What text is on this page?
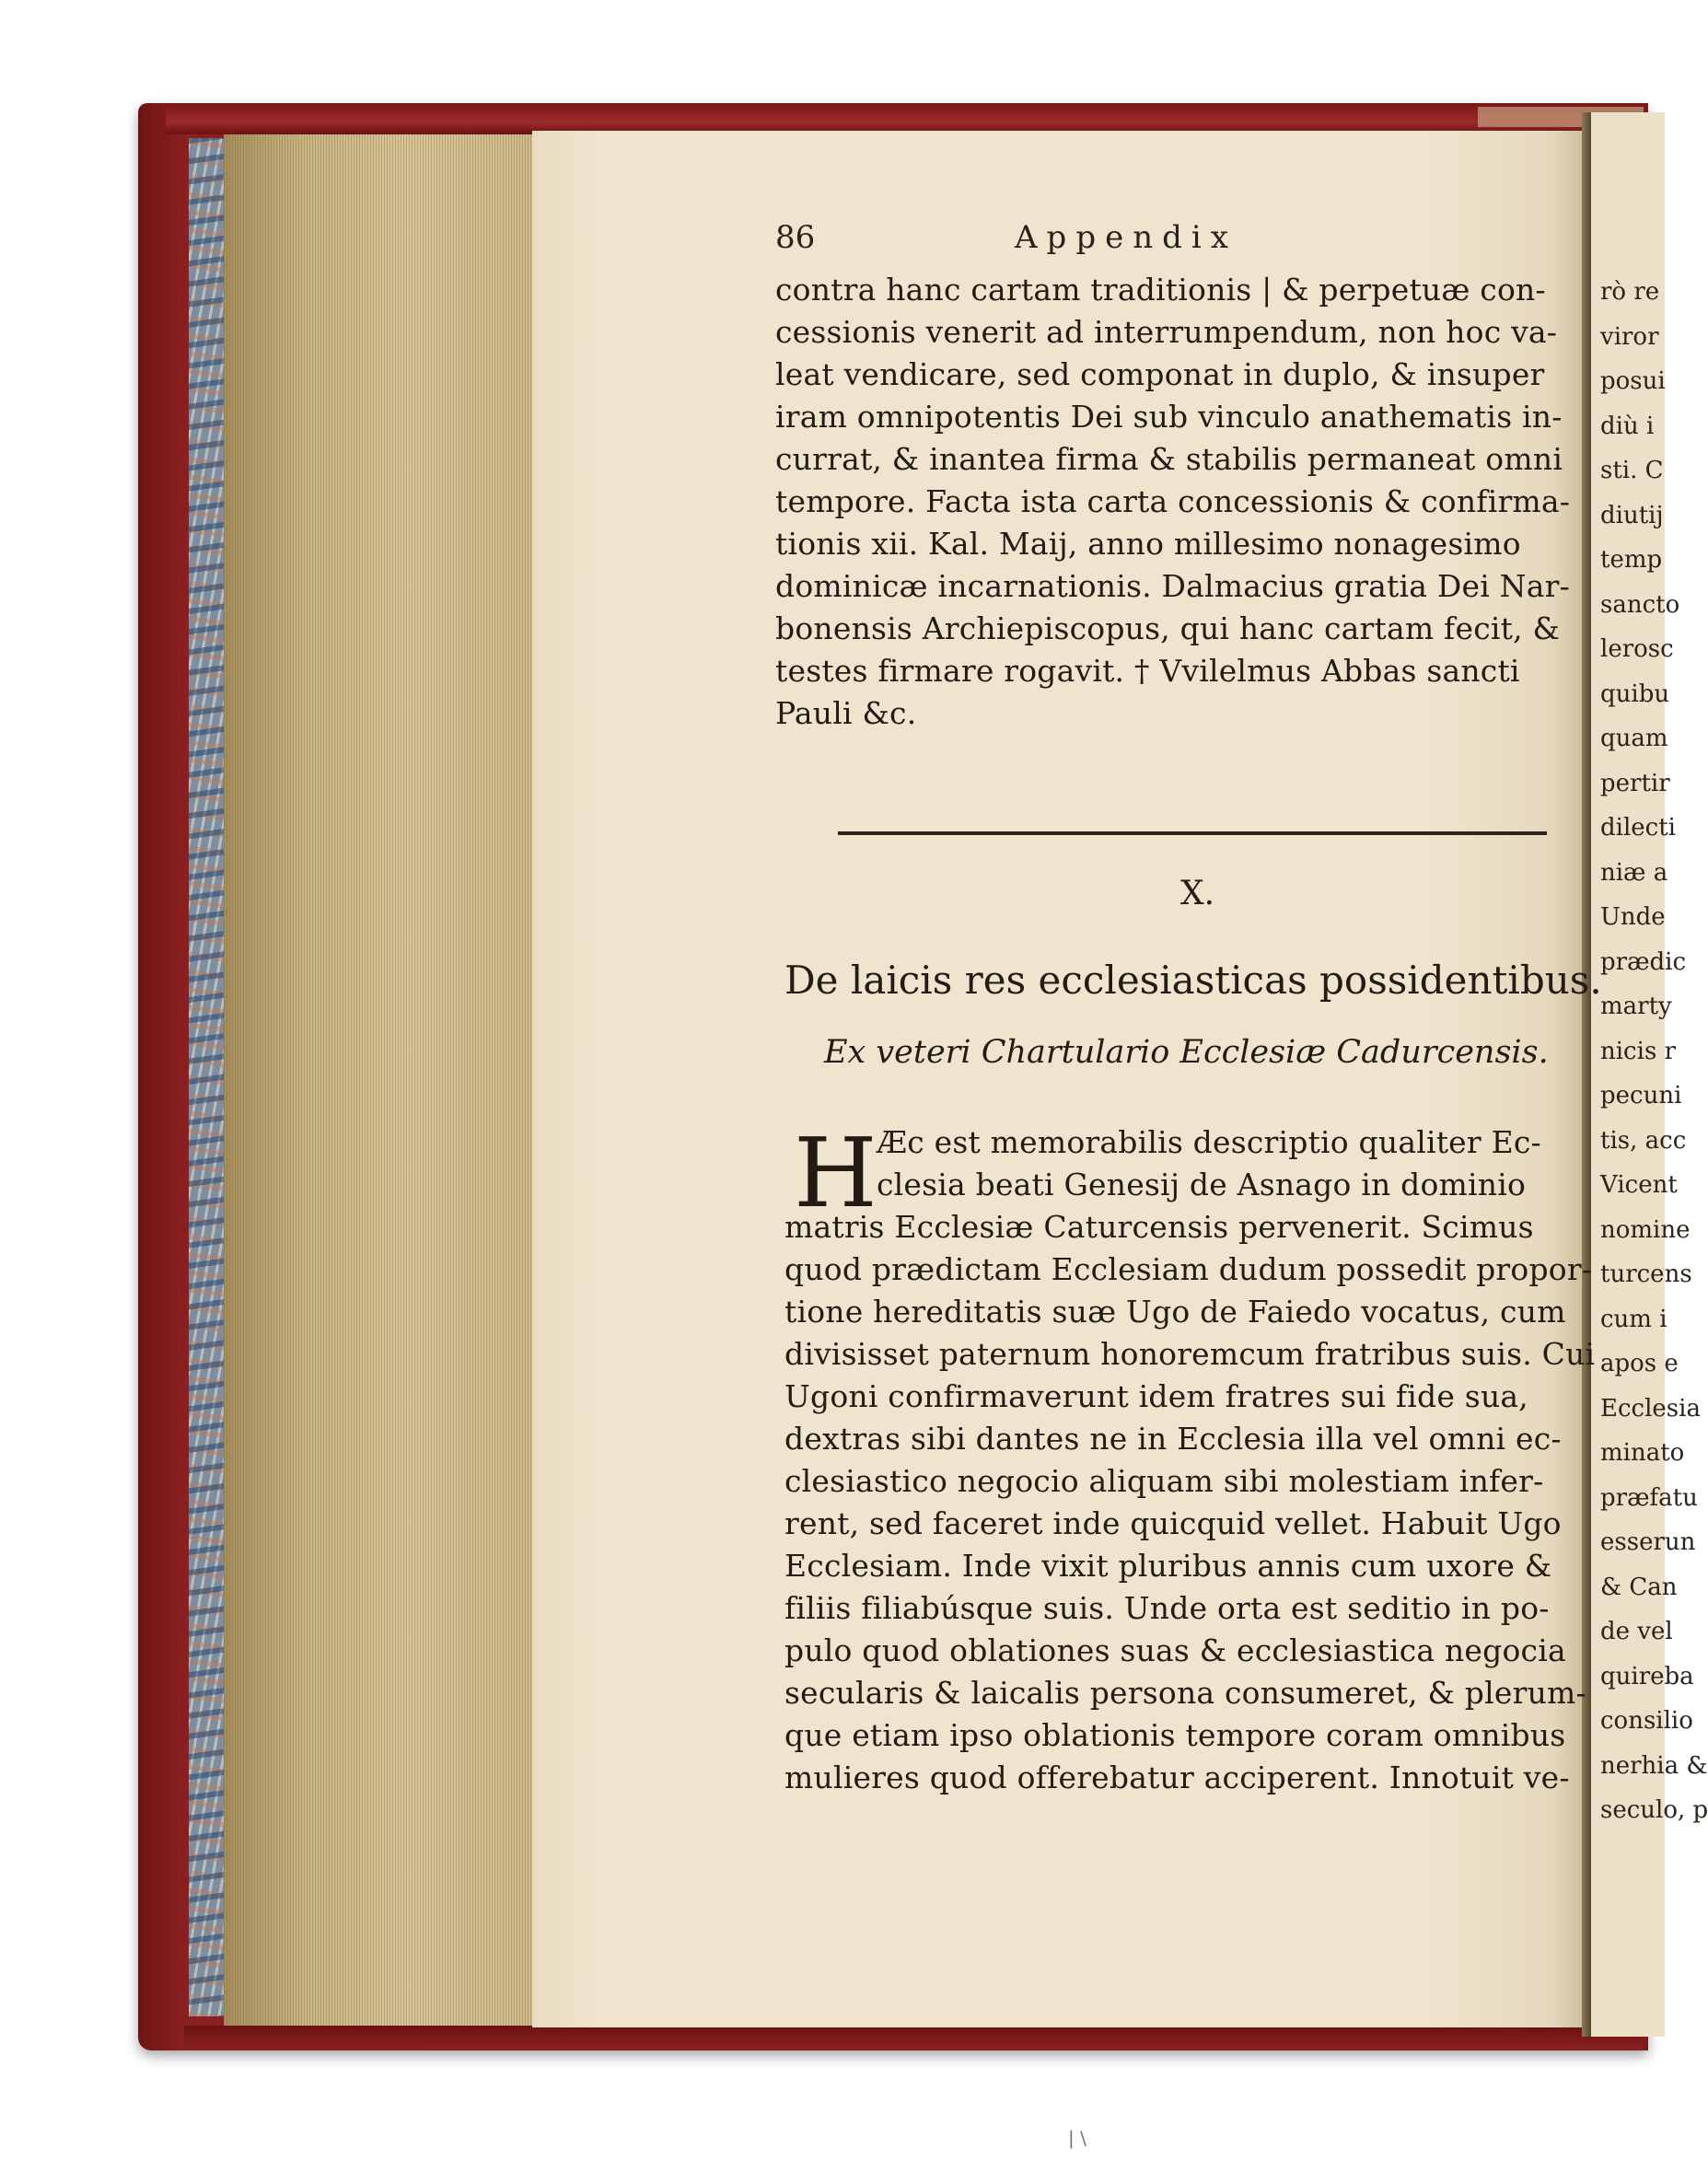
rò re
viror
posui
diù i
sti. C
diutij
temp
sancto
lerosc
quibu
quam
pertir
dilecti
niæ a
Unde
prædic
marty
nicis r
pecuni
tis, acc
Vicent
nomine
turcens
cum i
apos e
Ecclesia
minato
præfatu
esserun
& Can
de vel
quireba
consilio
nerhia &
seculo, p
86	Appendix
contra hanc cartam traditionis | & perpetuæ con-
cessionis venerit ad interrumpendum, non hoc va-
leat vendicare, sed componat in duplo, & insuper
iram omnipotentis Dei sub vinculo anathematis in-
currat, & inantea firma & stabilis permaneat omni
tempore. Facta ista carta concessionis & confirma-
tionis xii. Kal. Maij, anno millesimo nonagesimo
dominicæ incarnationis. Dalmacius gratia Dei Nar-
bonensis Archiepiscopus, qui hanc cartam fecit, &
testes firmare rogavit. † Vvilelmus Abbas sancti
Pauli &c.
X.
De laicis res ecclesiasticas possidentibus.
Ex veteri Chartulario Ecclesiæ Cadurcensis.
H Æc est memorabilis descriptio qualiter Ec-
clesia beati Genesij de Asnago in dominio
matris Ecclesiæ Caturcensis pervenerit. Scimus
quod prædictam Ecclesiam dudum possedit propor-
tione hereditatis suæ Ugo de Faiedo vocatus, cum
divisisset paternum honoremcum fratribus suis. Cui
Ugoni confirmaverunt idem fratres sui fide sua,
dextras sibi dantes ne in Ecclesia illa vel omni ec-
clesiastico negocio aliquam sibi molestiam infer-
rent, sed faceret inde quicquid vellet. Habuit Ugo
Ecclesiam. Inde vixit pluribus annis cum uxore &
filiis filiabúsque suis. Unde orta est seditio in po-
pulo quod oblationes suas & ecclesiastica negocia
secularis & laicalis persona consumeret, & plerum-
que etiam ipso oblationis tempore coram omnibus
mulieres quod offerebatur acciperent. Innotuit ve-
| \
